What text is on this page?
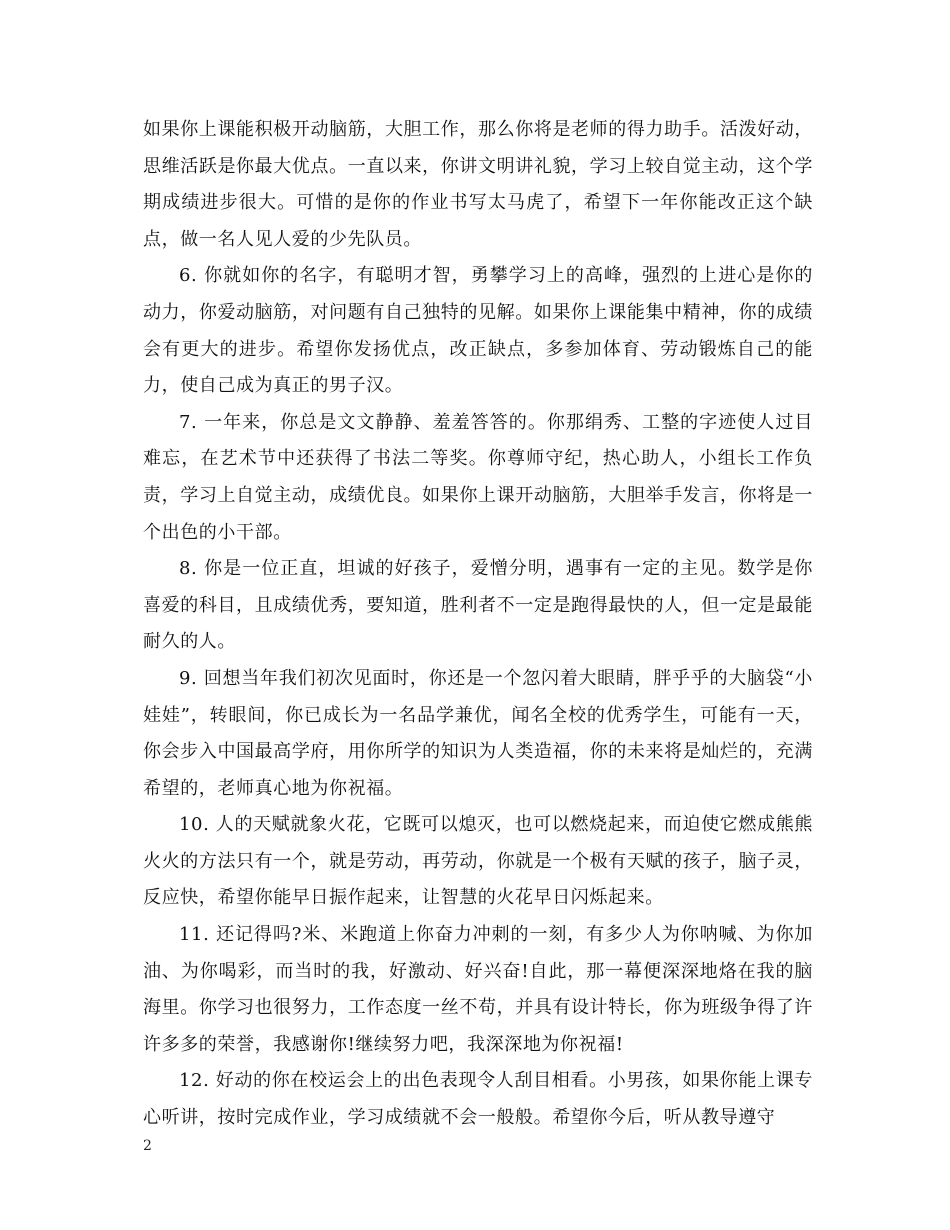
如果你上课能积极开动脑筋，大胆工作，那么你将是老师的得力助手。活泼好动，思维活跃是你最大优点。一直以来，你讲文明讲礼貌，学习上较自觉主动，这个学期成绩进步很大。可惜的是你的作业书写太马虎了，希望下一年你能改正这个缺点，做一名人见人爱的少先队员。

6. 你就如你的名字，有聪明才智，勇攀学习上的高峰，强烈的上进心是你的动力，你爱动脑筋，对问题有自己独特的见解。如果你上课能集中精神，你的成绩会有更大的进步。希望你发扬优点，改正缺点，多参加体育、劳动锻炼自己的能力，使自己成为真正的男子汉。

7. 一年来，你总是文文静静、羞羞答答的。你那绢秀、工整的字迹使人过目难忘，在艺术节中还获得了书法二等奖。你尊师守纪，热心助人，小组长工作负责，学习上自觉主动，成绩优良。如果你上课开动脑筋，大胆举手发言，你将是一个出色的小干部。

8. 你是一位正直，坦诚的好孩子，爱憎分明，遇事有一定的主见。数学是你喜爱的科目，且成绩优秀，要知道，胜利者不一定是跑得最快的人，但一定是最能耐久的人。

9. 回想当年我们初次见面时，你还是一个忽闪着大眼睛，胖乎乎的大脑袋“小娃娃”，转眼间，你已成长为一名品学兼优，闻名全校的优秀学生，可能有一天，你会步入中国最高学府，用你所学的知识为人类造福，你的未来将是灿烂的，充满希望的，老师真心地为你祝福。

10. 人的天赋就象火花，它既可以熄灭，也可以燃烧起来，而迫使它燃成熊熊火火的方法只有一个，就是劳动，再劳动，你就是一个极有天赋的孩子，脑子灵，反应快，希望你能早日振作起来，让智慧的火花早日闪烁起来。

11. 还记得吗?米、米跑道上你奋力冲刺的一刻，有多少人为你呐喊、为你加油、为你喝彩，而当时的我，好激动、好兴奋!自此，那一幕便深深地烙在我的脑海里。你学习也很努力，工作态度一丝不苟，并具有设计特长，你为班级争得了许许多多的荣誉，我感谢你!继续努力吧，我深深地为你祝福!

12. 好动的你在校运会上的出色表现令人刮目相看。小男孩，如果你能上课专心听讲，按时完成作业，学习成绩就不会一般般。希望你今后，听从教导遵守

2
